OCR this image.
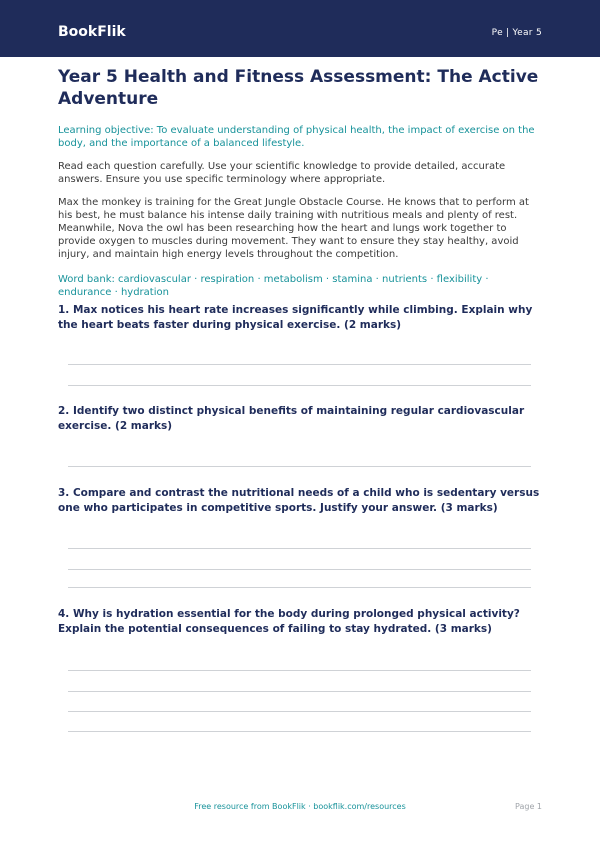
BookFlik	Pe | Year 5
Year 5 Health and Fitness Assessment: The Active Adventure
Learning objective: To evaluate understanding of physical health, the impact of exercise on the body, and the importance of a balanced lifestyle.
Read each question carefully. Use your scientific knowledge to provide detailed, accurate answers. Ensure you use specific terminology where appropriate.
Max the monkey is training for the Great Jungle Obstacle Course. He knows that to perform at his best, he must balance his intense daily training with nutritious meals and plenty of rest. Meanwhile, Nova the owl has been researching how the heart and lungs work together to provide oxygen to muscles during movement. They want to ensure they stay healthy, avoid injury, and maintain high energy levels throughout the competition.
Word bank: cardiovascular · respiration · metabolism · stamina · nutrients · flexibility · endurance · hydration
1. Max notices his heart rate increases significantly while climbing. Explain why the heart beats faster during physical exercise. (2 marks)
2. Identify two distinct physical benefits of maintaining regular cardiovascular exercise. (2 marks)
3. Compare and contrast the nutritional needs of a child who is sedentary versus one who participates in competitive sports. Justify your answer. (3 marks)
4. Why is hydration essential for the body during prolonged physical activity? Explain the potential consequences of failing to stay hydrated. (3 marks)
Free resource from BookFlik · bookflik.com/resources	Page 1
